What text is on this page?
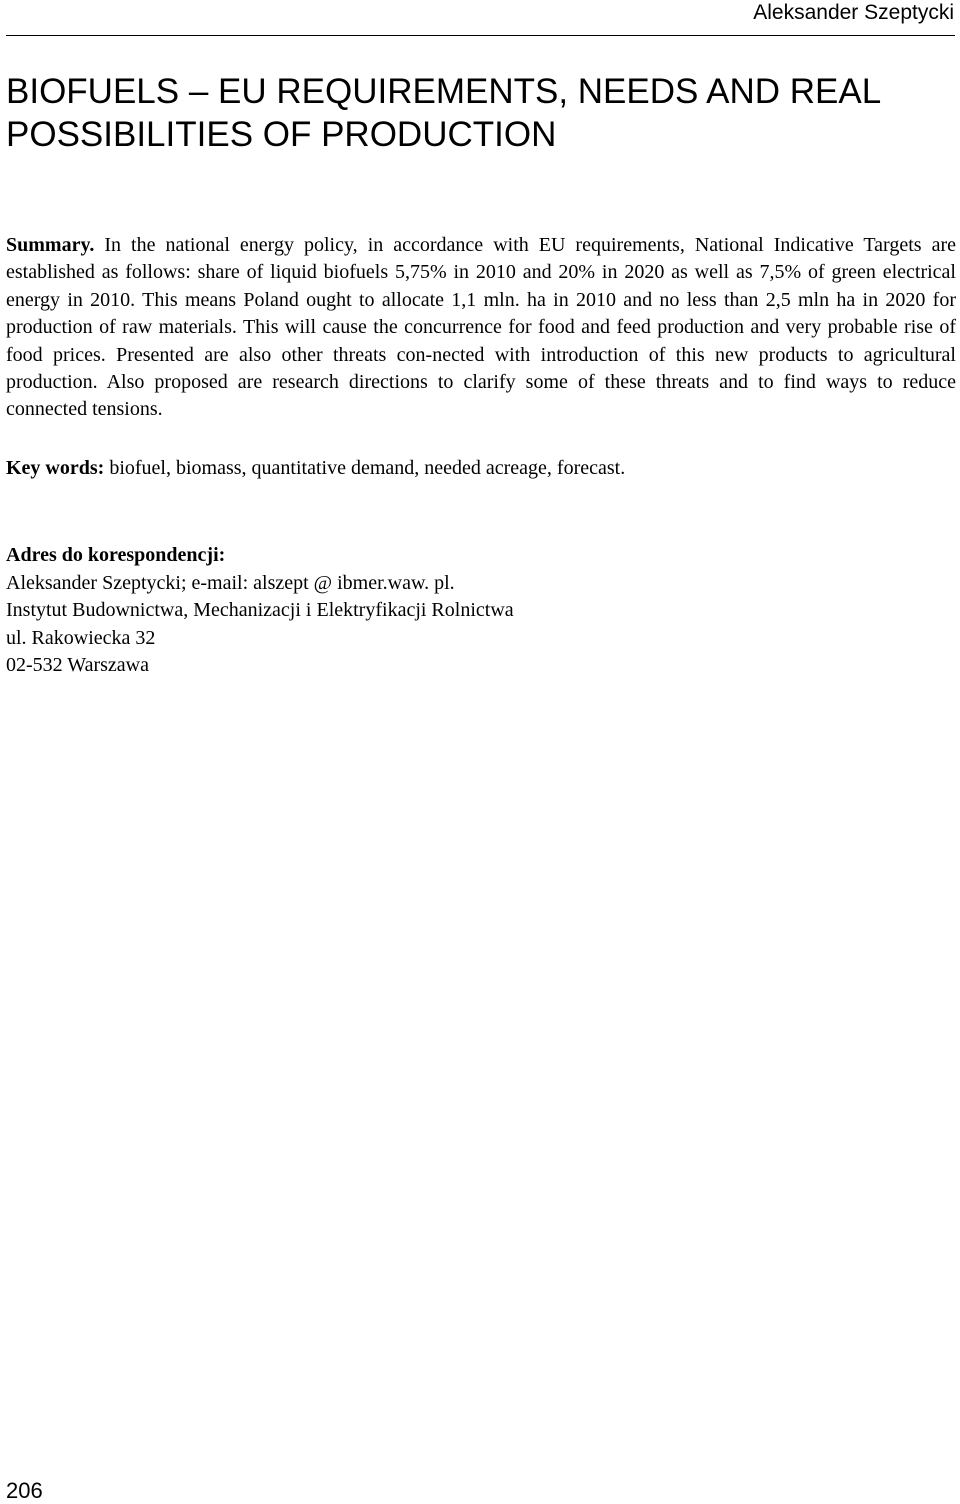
Aleksander Szeptycki
BIOFUELS – EU REQUIREMENTS, NEEDS AND REAL
POSSIBILITIES OF PRODUCTION

Summary. In the national energy policy, in accordance with EU requirements, National Indicative Targets are established as follows: share of liquid biofuels 5,75% in 2010 and 20% in 2020 as well as 7,5% of green electrical energy in 2010. This means Poland ought to allocate 1,1 mln. ha in 2010 and no less than 2,5 mln ha in 2020 for production of raw materials. This will cause the concurrence for food and feed production and very probable rise of food prices. Presented are also other threats con-nected with introduction of this new products to agricultural production. Also proposed are research directions to clarify some of these threats and to find ways to reduce connected tensions.

Key words: biofuel, biomass, quantitative demand, needed acreage, forecast.

Adres do korespondencji:
Aleksander Szeptycki; e-mail: alszept @ ibmer.waw. pl.
Instytut Budownictwa, Mechanizacji i Elektryfikacji Rolnictwa
ul. Rakowiecka 32
02-532 Warszawa
206
